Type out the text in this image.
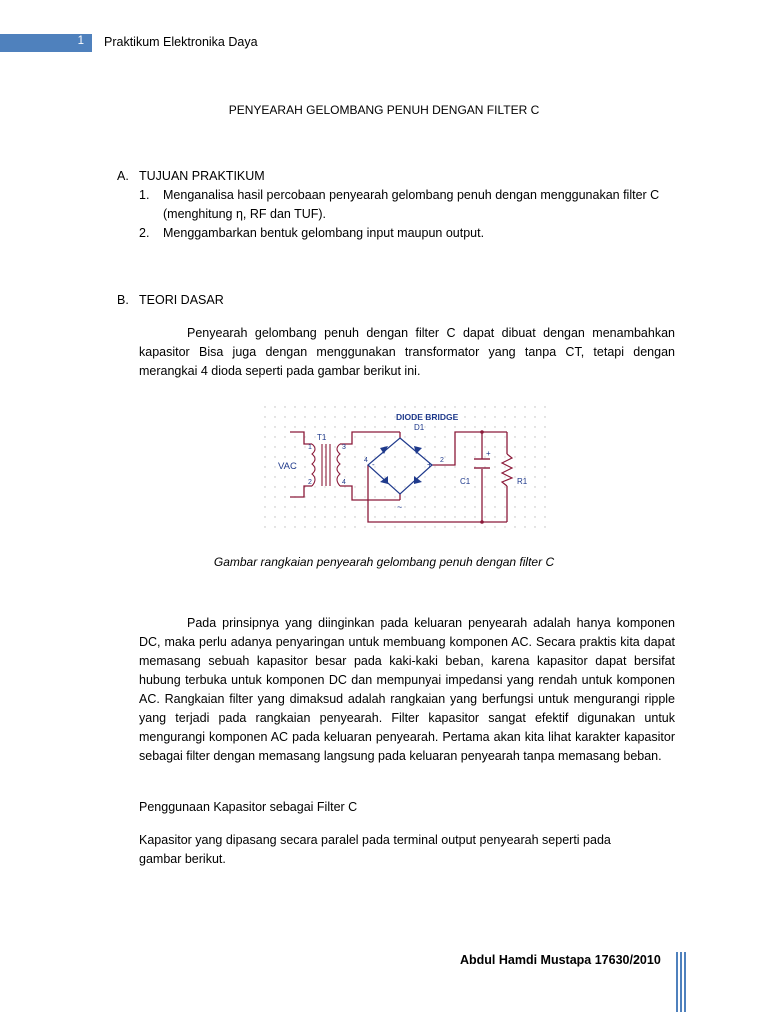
1 Praktikum Elektronika Daya
PENYEARAH GELOMBANG PENUH DENGAN FILTER C
A. TUJUAN PRAKTIKUM
1.	Menganalisa hasil percobaan penyearah gelombang penuh dengan menggunakan filter C
(menghitung η, RF dan TUF).
2.	Menggambarkan bentuk gelombang input maupun output.
B. TEORI DASAR
Penyearah gelombang penuh dengan filter C dapat dibuat dengan menambahkan kapasitor Bisa juga dengan menggunakan transformator yang tanpa CT, tetapi dengan merangkai 4 dioda seperti pada gambar berikut ini.
DIODE BRIDGE
D1
T1
VAC
1
2
3
4
4	2
+
+
-
~
C1	R1
Gambar rangkaian penyearah gelombang penuh dengan filter C
Pada prinsipnya yang diinginkan pada keluaran penyearah adalah hanya komponen DC, maka perlu adanya penyaringan untuk membuang komponen AC. Secara praktis kita dapat memasang sebuah kapasitor besar pada kaki-kaki beban, karena kapasitor dapat bersifat hubung terbuka untuk komponen DC dan mempunyai impedansi yang rendah untuk komponen AC. Rangkaian filter yang dimaksud adalah rangkaian yang berfungsi untuk mengurangi ripple yang terjadi pada rangkaian penyearah. Filter kapasitor sangat efektif digunakan untuk mengurangi komponen AC pada keluaran penyearah. Pertama akan kita lihat karakter kapasitor sebagai filter dengan memasang langsung pada keluaran penyearah tanpa memasang beban.
Penggunaan Kapasitor sebagai Filter C
Kapasitor yang dipasang secara paralel pada terminal output penyearah seperti pada
gambar berikut.
Abdul Hamdi Mustapa 17630/2010
